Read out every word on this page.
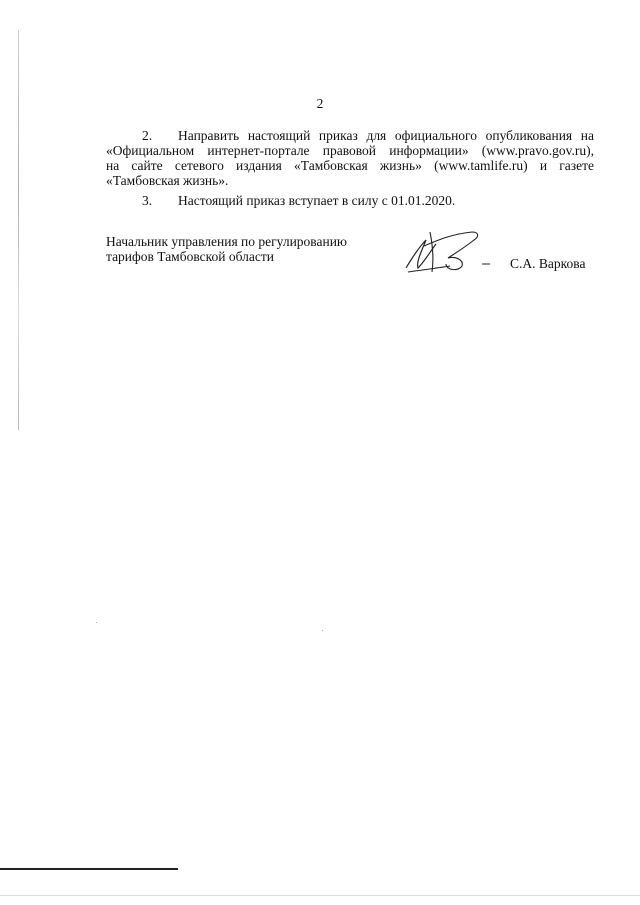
2
2. Направить настоящий приказ для официального опубликования на
«Официальном интернет-портале правовой информации» (www.pravo.gov.ru),
на сайте сетевого издания «Тамбовская жизнь» (www.tamlife.ru) и газете
«Тамбовская жизнь».
3. Настоящий приказ вступает в силу с 01.01.2020.
Начальник управления по регулированию
тарифов Тамбовской области	С.А. Варкова
